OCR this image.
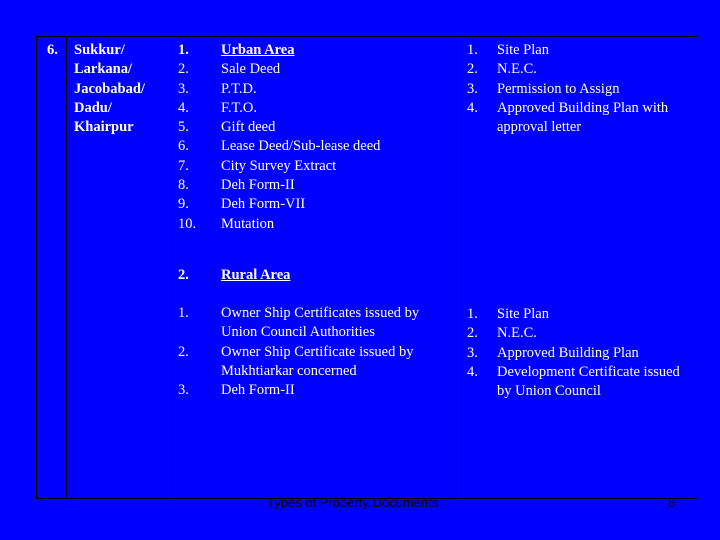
6. Sukkur/
Larkana/
Jacobabad/
Dadu/
Khairpur
1.
2.
3.
4.
5.
6.
7.
8.
9.
10.
Urban Area
Sale Deed
P.T.D.
F.T.O.
Gift deed
Lease Deed/Sub-lease deed
City Survey Extract
Deh Form-II
Deh Form-VII
Mutation
1. Site Plan
2. N.E.C.
3. Permission to Assign
4. Approved Building Plan with approval letter
2. Rural Area
1. Owner Ship Certificates issued by Union Council Authorities
2. Owner Ship Certificate issued by Mukhtiarkar concerned
3. Deh Form-II
1. Site Plan
2. N.E.C.
3. Approved Building Plan
4. Development Certificate issued by Union Council
Types of Property Documents	8
